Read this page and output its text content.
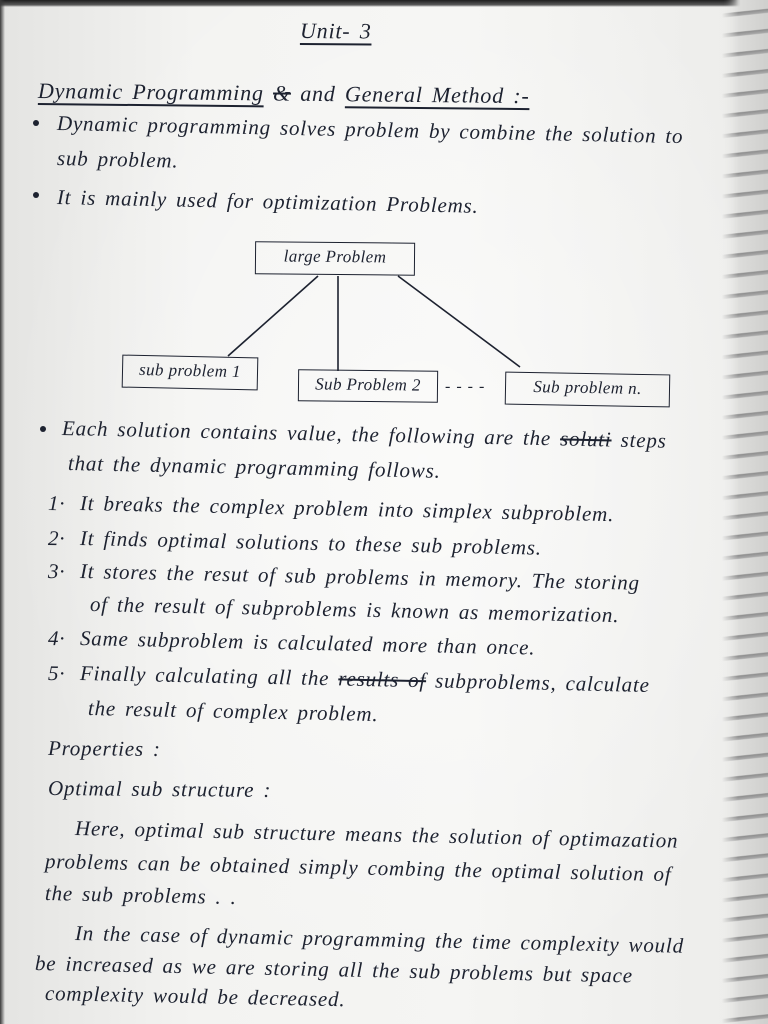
Unit- 3
Dynamic Programming & and General Method :-
Dynamic programming solves problem by combine the solution to
sub problem.
It is mainly used for optimization Problems.
large Problem
sub problem 1
Sub Problem 2	- - - -	Sub problem n.
Each solution contains value, the following are the soluti steps
that the dynamic programming follows.
1· It breaks the complex problem into simplex subproblem.
2· It finds optimal solutions to these sub problems.
3· It stores the resut of sub problems in memory. The storing
of the result of subproblems is known as memorization.
4· Same subproblem is calculated more than once.
5· Finally calculating all the results of subproblems, calculate
the result of complex problem.
Properties :
Optimal sub structure :
Here, optimal sub structure means the solution of optimazation
problems can be obtained simply combing the optimal solution of
the sub problems . .
In the case of dynamic programming the time complexity would
be increased as we are storing all the sub problems but space
complexity would be decreased.
